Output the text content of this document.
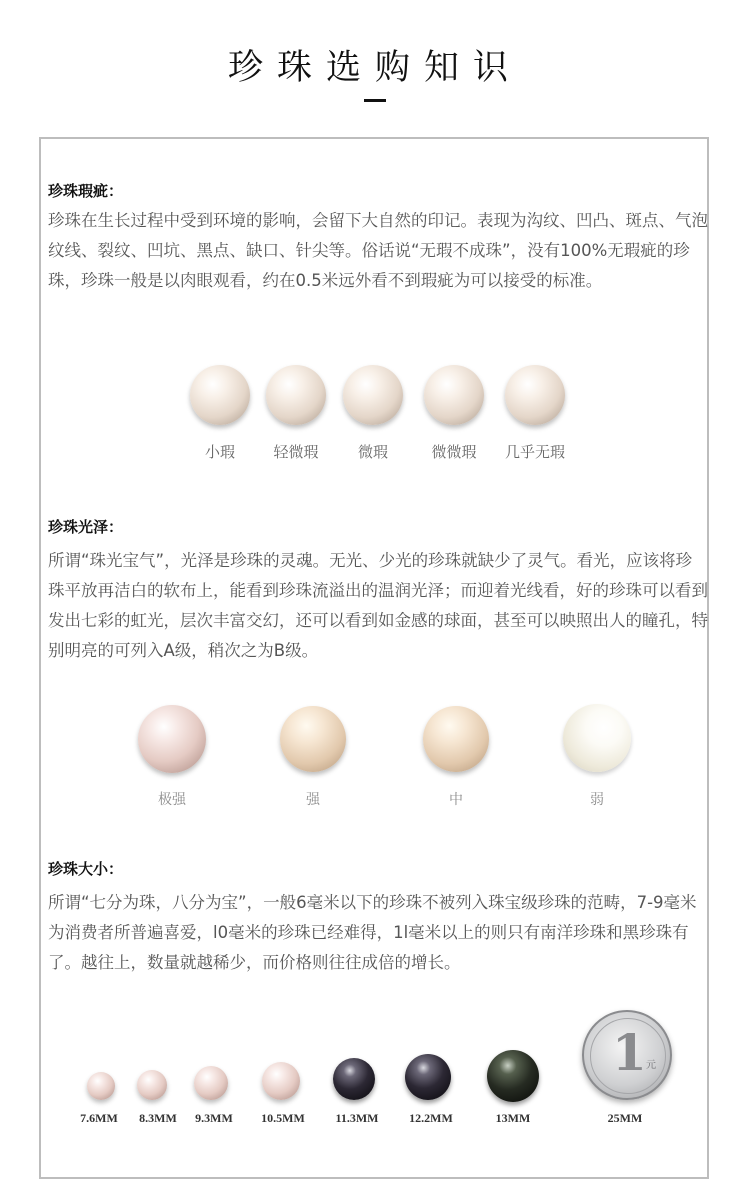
珍珠选购知识
珍珠瑕疵：
珍珠在生长过程中受到环境的影响，会留下大自然的印记。表现为沟纹、凹凸、斑点、气泡纹线、裂纹、凹坑、黑点、缺口、针尖等。俗话说“无瑕不成珠”，没有100%无瑕疵的珍珠，珍珠一般是以肉眼观看，约在0.5米远外看不到瑕疵为可以接受的标准。
小瑕	轻微瑕	微瑕	微微瑕	几乎无瑕
珍珠光泽：
所谓“珠光宝气”，光泽是珍珠的灵魂。无光、少光的珍珠就缺少了灵气。看光，应该将珍珠平放再洁白的软布上，能看到珍珠流溢出的温润光泽；而迎着光线看，好的珍珠可以看到发出七彩的虹光，层次丰富交幻，还可以看到如金感的球面，甚至可以映照出人的瞳孔，特别明亮的可列入A级，稍次之为B级。
极强	强	中	弱
珍珠大小：
所谓“七分为珠，八分为宝”，一般6毫米以下的珍珠不被列入珠宝级珍珠的范畴，7-9毫米为消费者所普遍喜爱，l0毫米的珍珠已经难得，1l毫米以上的则只有南洋珍珠和黑珍珠有了。越往上，数量就越稀少，而价格则往往成倍的增长。
1 元
7.6MM	8.3MM	9.3MM	10.5MM	11.3MM	12.2MM	13MM	25MM
